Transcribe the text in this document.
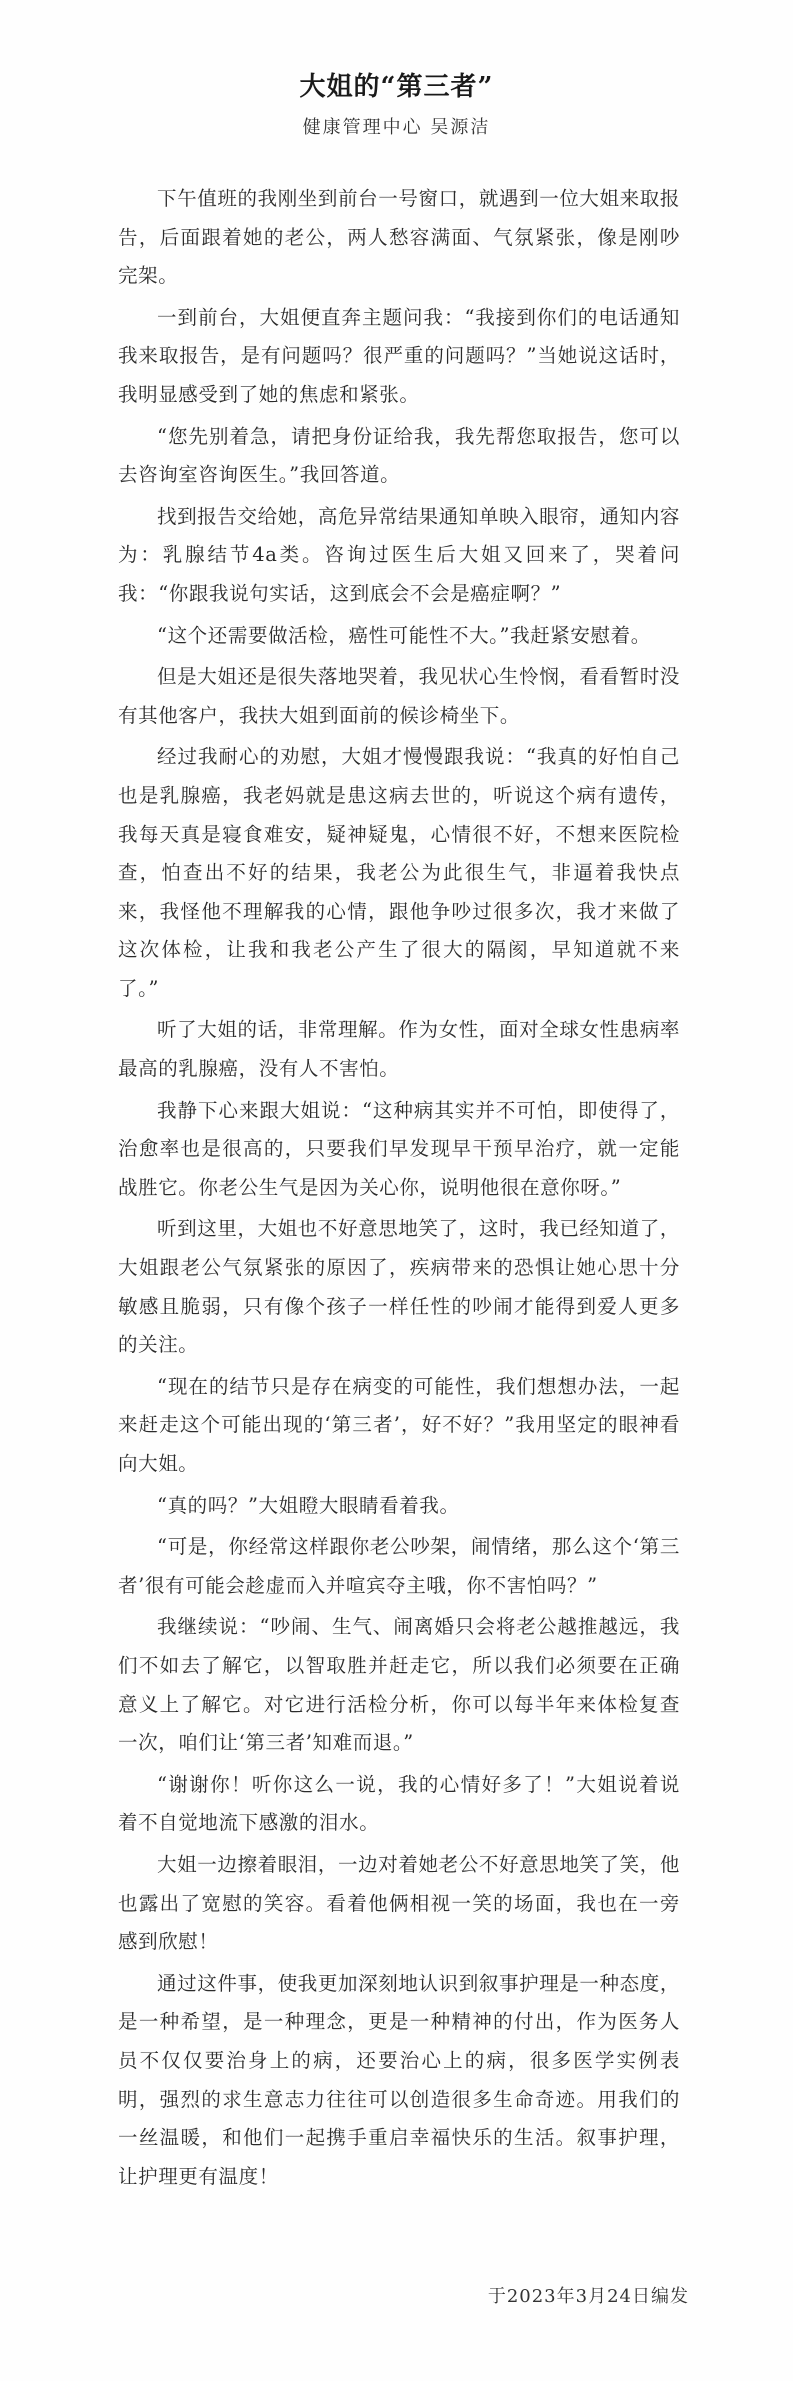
大姐的“第三者”
健康管理中心 吴源洁

下午值班的我刚坐到前台一号窗口，就遇到一位大姐来取报告，后面跟着她的老公，两人愁容满面、气氛紧张，像是刚吵完架。

一到前台，大姐便直奔主题问我：“我接到你们的电话通知我来取报告，是有问题吗？很严重的问题吗？”当她说这话时，我明显感受到了她的焦虑和紧张。

“您先别着急，请把身份证给我，我先帮您取报告，您可以去咨询室咨询医生。”我回答道。

找到报告交给她，高危异常结果通知单映入眼帘，通知内容为：乳腺结节4a类。咨询过医生后大姐又回来了，哭着问我：“你跟我说句实话，这到底会不会是癌症啊？”

“这个还需要做活检，癌性可能性不大。”我赶紧安慰着。

但是大姐还是很失落地哭着，我见状心生怜悯，看看暂时没有其他客户，我扶大姐到面前的候诊椅坐下。

经过我耐心的劝慰，大姐才慢慢跟我说：“我真的好怕自己也是乳腺癌，我老妈就是患这病去世的，听说这个病有遗传，我每天真是寝食难安，疑神疑鬼，心情很不好，不想来医院检查，怕查出不好的结果，我老公为此很生气，非逼着我快点来，我怪他不理解我的心情，跟他争吵过很多次，我才来做了这次体检，让我和我老公产生了很大的隔阂，早知道就不来了。”

听了大姐的话，非常理解。作为女性，面对全球女性患病率最高的乳腺癌，没有人不害怕。

我静下心来跟大姐说：“这种病其实并不可怕，即使得了，治愈率也是很高的，只要我们早发现早干预早治疗，就一定能战胜它。你老公生气是因为关心你，说明他很在意你呀。”

听到这里，大姐也不好意思地笑了，这时，我已经知道了，大姐跟老公气氛紧张的原因了，疾病带来的恐惧让她心思十分敏感且脆弱，只有像个孩子一样任性的吵闹才能得到爱人更多的关注。

“现在的结节只是存在病变的可能性，我们想想办法，一起来赶走这个可能出现的‘第三者’，好不好？”我用坚定的眼神看向大姐。

“真的吗？”大姐瞪大眼睛看着我。

“可是，你经常这样跟你老公吵架，闹情绪，那么这个‘第三者’很有可能会趁虚而入并喧宾夺主哦，你不害怕吗？”

我继续说：“吵闹、生气、闹离婚只会将老公越推越远，我们不如去了解它，以智取胜并赶走它，所以我们必须要在正确意义上了解它。对它进行活检分析，你可以每半年来体检复查一次，咱们让‘第三者’知难而退。”

“谢谢你！听你这么一说，我的心情好多了！”大姐说着说着不自觉地流下感激的泪水。

大姐一边擦着眼泪，一边对着她老公不好意思地笑了笑，他也露出了宽慰的笑容。看着他俩相视一笑的场面，我也在一旁感到欣慰！

通过这件事，使我更加深刻地认识到叙事护理是一种态度，是一种希望，是一种理念，更是一种精神的付出，作为医务人员不仅仅要治身上的病，还要治心上的病，很多医学实例表明，强烈的求生意志力往往可以创造很多生命奇迹。用我们的一丝温暖，和他们一起携手重启幸福快乐的生活。叙事护理，让护理更有温度！

于2023年3月24日编发
